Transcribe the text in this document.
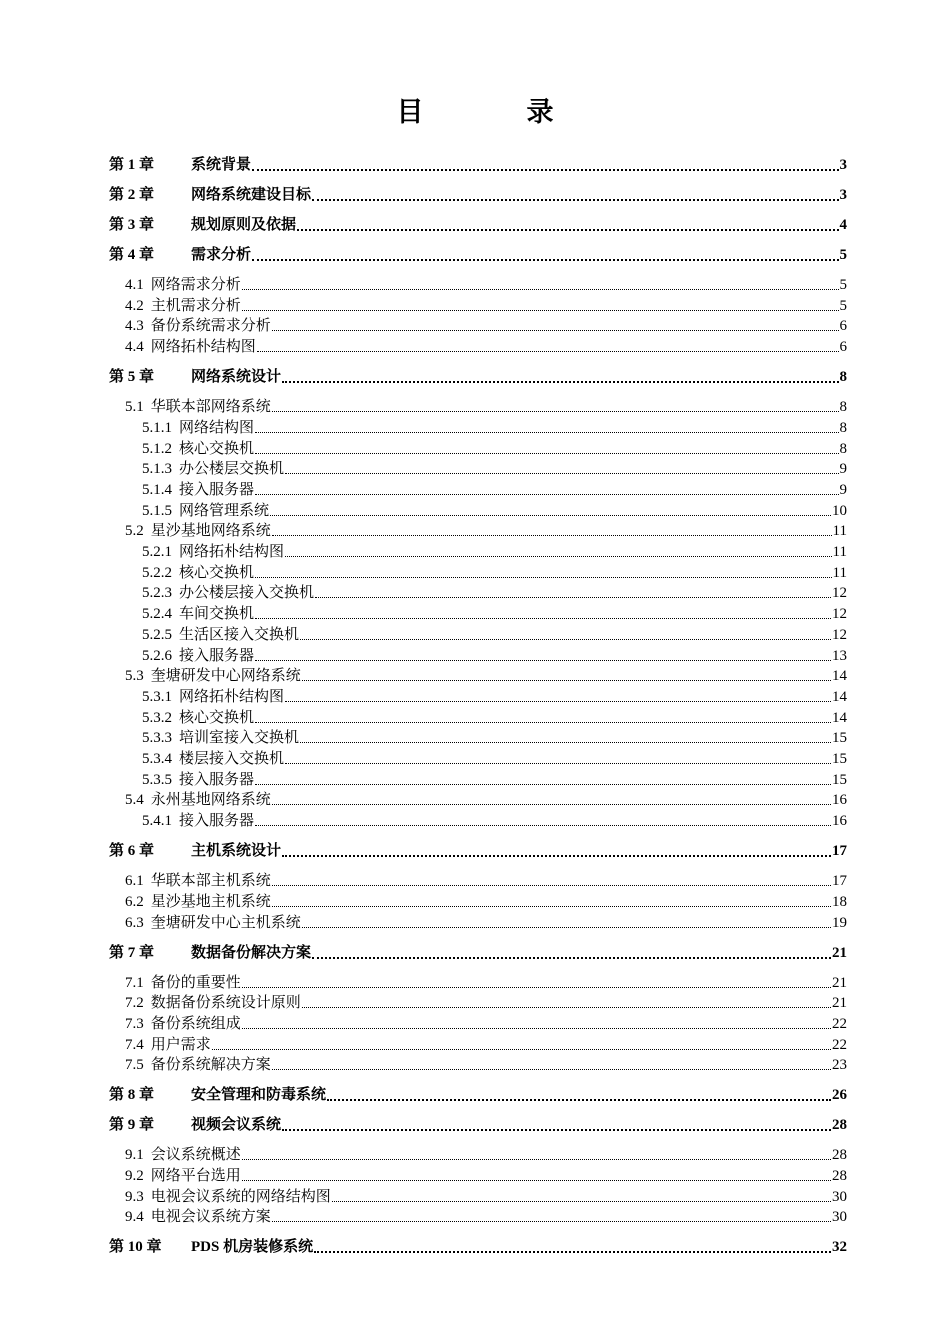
目　录
第 1 章	系统背景	3
第 2 章	网络系统建设目标	3
第 3 章	规划原则及依据	4
第 4 章	需求分析	5
4.1 网络需求分析	5
4.2 主机需求分析	5
4.3 备份系统需求分析	6
4.4 网络拓朴结构图	6
第 5 章	网络系统设计	8
5.1 华联本部网络系统	8
5.1.1 网络结构图	8
5.1.2 核心交换机	8
5.1.3 办公楼层交换机	9
5.1.4 接入服务器	9
5.1.5 网络管理系统	10
5.2 星沙基地网络系统	11
5.2.1 网络拓朴结构图	11
5.2.2 核心交换机	11
5.2.3 办公楼层接入交换机	12
5.2.4 车间交换机	12
5.2.5 生活区接入交换机	12
5.2.6 接入服务器	13
5.3 奎塘研发中心网络系统	14
5.3.1 网络拓朴结构图	14
5.3.2 核心交换机	14
5.3.3 培训室接入交换机	15
5.3.4 楼层接入交换机	15
5.3.5 接入服务器	15
5.4 永州基地网络系统	16
5.4.1 接入服务器	16
第 6 章	主机系统设计	17
6.1 华联本部主机系统	17
6.2 星沙基地主机系统	18
6.3 奎塘研发中心主机系统	19
第 7 章	数据备份解决方案	21
7.1 备份的重要性	21
7.2 数据备份系统设计原则	21
7.3 备份系统组成	22
7.4 用户需求	22
7.5 备份系统解决方案	23
第 8 章	安全管理和防毒系统	26
第 9 章	视频会议系统	28
9.1 会议系统概述	28
9.2 网络平台选用	28
9.3 电视会议系统的网络结构图	30
9.4 电视会议系统方案	30
第 10 章	PDS 机房装修系统	32
